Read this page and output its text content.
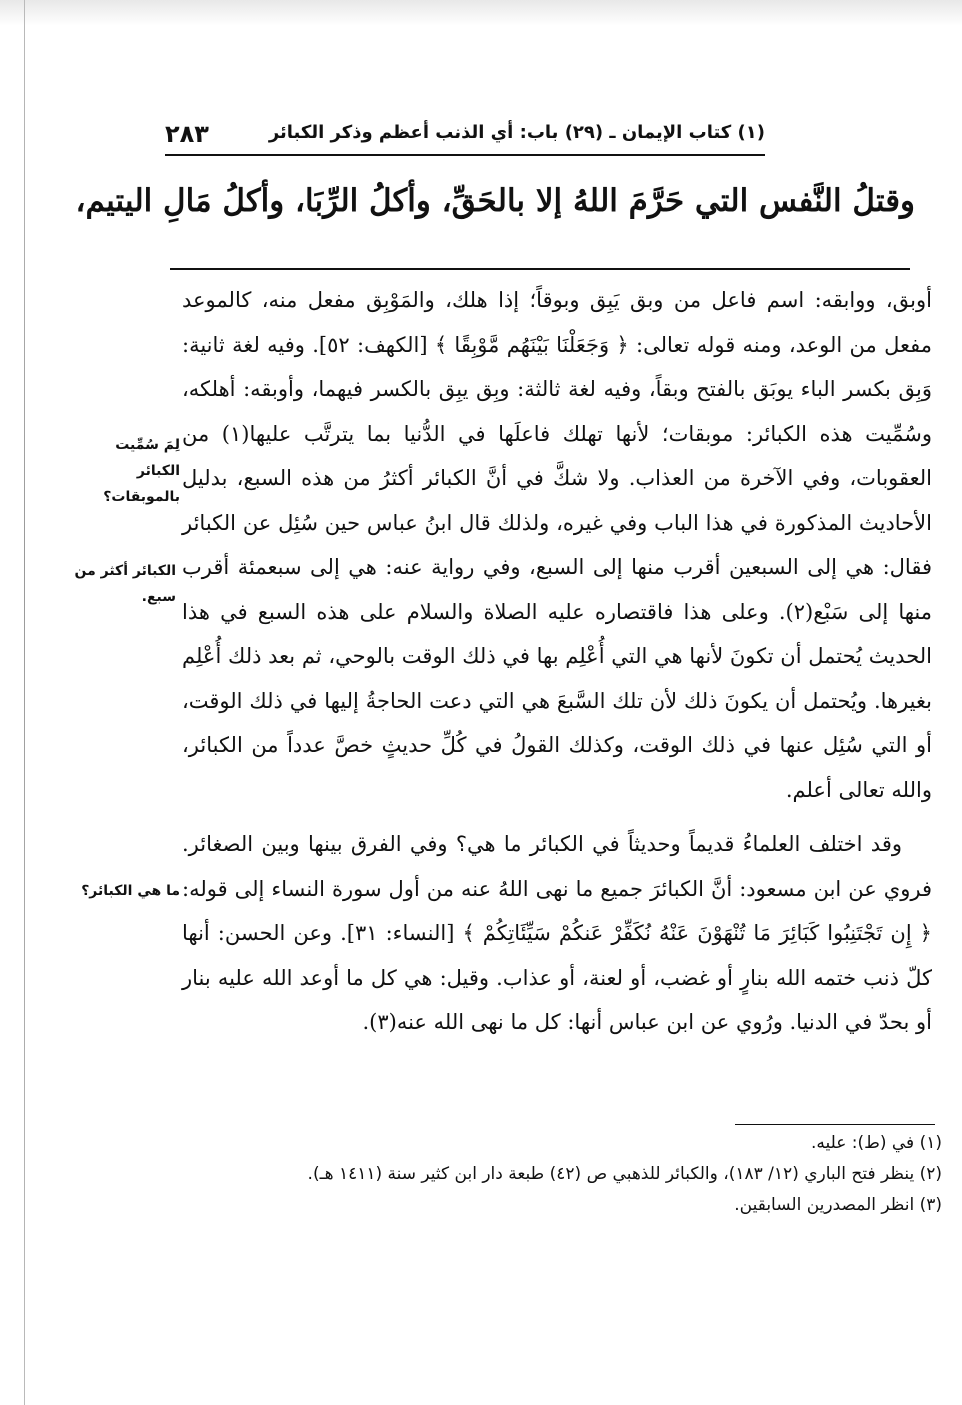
٢٨٣	(١) كتاب الإيمان ـ (٢٩) باب: أي الذنب أعظم وذكر الكبائر
وقتلُ النَّفس التي حَرَّمَ اللهُ إلا بالحَقِّ، وأكلُ الرِّبَا، وأكلُ مَالِ اليتيم،

أوبق، ووابقه: اسم فاعل من وبق يَبِق وبوقاً؛ إذا هلك، والمَوْبِق مفعل منه، كالموعد مفعل من الوعد، ومنه قوله تعالى: ﴿ وَجَعَلْنَا بَيْنَهُم مَّوْبِقًا ﴾ [الكهف: ٥٢]. وفيه لغة ثانية: وَبِق بكسر الباء يوبَق بالفتح وبقاً، وفيه لغة ثالثة: وبِق يبِق بالكسر فيهما، وأوبقه: أهلكه، وسُمِّيت هذه الكبائر: موبقات؛ لأنها تهلك فاعلَها في الدُّنيا بما يترتَّب عليها(١) من العقوبات، وفي الآخرة من العذاب. ولا شكَّ في أنَّ الكبائر أكثرُ من هذه السبع، بدليل الأحاديث المذكورة في هذا الباب وفي غيره، ولذلك قال ابنُ عباس حين سُئِل عن الكبائر فقال: هي إلى السبعين أقرب منها إلى السبع، وفي رواية عنه: هي إلى سبعمئة أقرب منها إلى سَبْع(٢). وعلى هذا فاقتصاره عليه الصلاة والسلام على هذه السبع في هذا الحديث يُحتمل أن تكونَ لأنها هي التي أُعْلِم بها في ذلك الوقت بالوحي، ثم بعد ذلك أُعْلِم بغيرها. ويُحتمل أن يكونَ ذلك لأن تلك السَّبعَ هي التي دعت الحاجةُ إليها في ذلك الوقت، أو التي سُئِل عنها في ذلك الوقت، وكذلك القولُ في كُلِّ حديثٍ خصَّ عدداً من الكبائر، والله تعالى أعلم.

وقد اختلف العلماءُ قديماً وحديثاً في الكبائر ما هي؟ وفي الفرق بينها وبين الصغائر. فروي عن ابن مسعود: أنَّ الكبائرَ جميع ما نهى اللهُ عنه من أول سورة النساء إلى قوله: ﴿ إِن تَجْتَنِبُوا كَبَائِرَ مَا تُنْهَوْنَ عَنْهُ نُكَفِّرْ عَنكُمْ سَيِّئَاتِكُمْ ﴾ [النساء: ٣١]. وعن الحسن: أنها كلّ ذنب ختمه الله بنارٍ أو غضب، أو لعنة، أو عذاب. وقيل: هي كل ما أوعد الله عليه بنار أو بحدّ في الدنيا. ورُوي عن ابن عباس أنها: كل ما نهى الله عنه(٣).

لِمَ سُمِّيت الكبائر بالموبقات؟
الكبائر أكثر من سبع.
ما هي الكبائر؟

(١) في (ط): عليه.

(٢) ينظر فتح الباري (١٢/ ١٨٣)، والكبائر للذهبي ص (٤٢) طبعة دار ابن كثير سنة (١٤١١ هـ).

(٣) انظر المصدرين السابقين.
